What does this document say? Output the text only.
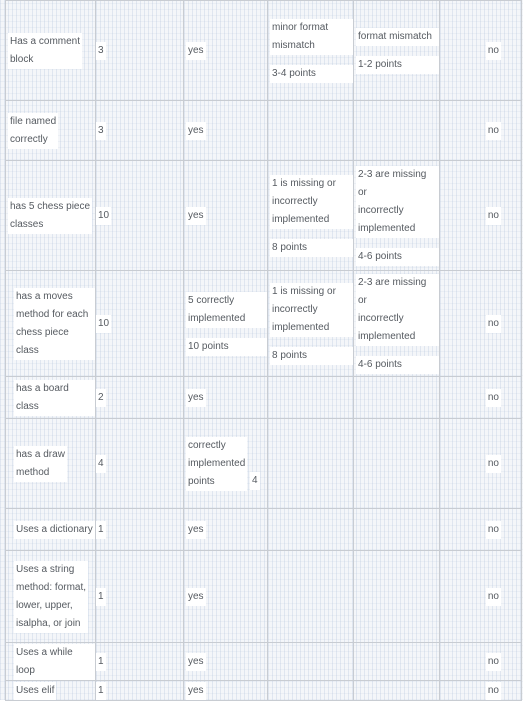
Has a comment
block	3	yes	minor format
mismatch
3-4 points	format mismatch
1-2 points	no
file named
correctly	3	yes			no
has 5 chess piece
classes	10	yes	1 is missing or
incorrectly
implemented
8 points	2-3 are missing or
incorrectly
implemented
4-6 points	no
has a moves
method for each
chess piece class	10	5 correctly
implemented
10 points	1 is missing or
incorrectly
implemented
8 points	2-3 are missing or
incorrectly
implemented
4-6 points	no
has a board class	2	yes			no
has a draw
method	4	correctly
implemented
points 4			no
Uses a dictionary	1	yes			no
Uses a string
method: format,
lower, upper,
isalpha, or join	1	yes			no
Uses a while loop	1	yes			no
Uses elif	1	yes			no
